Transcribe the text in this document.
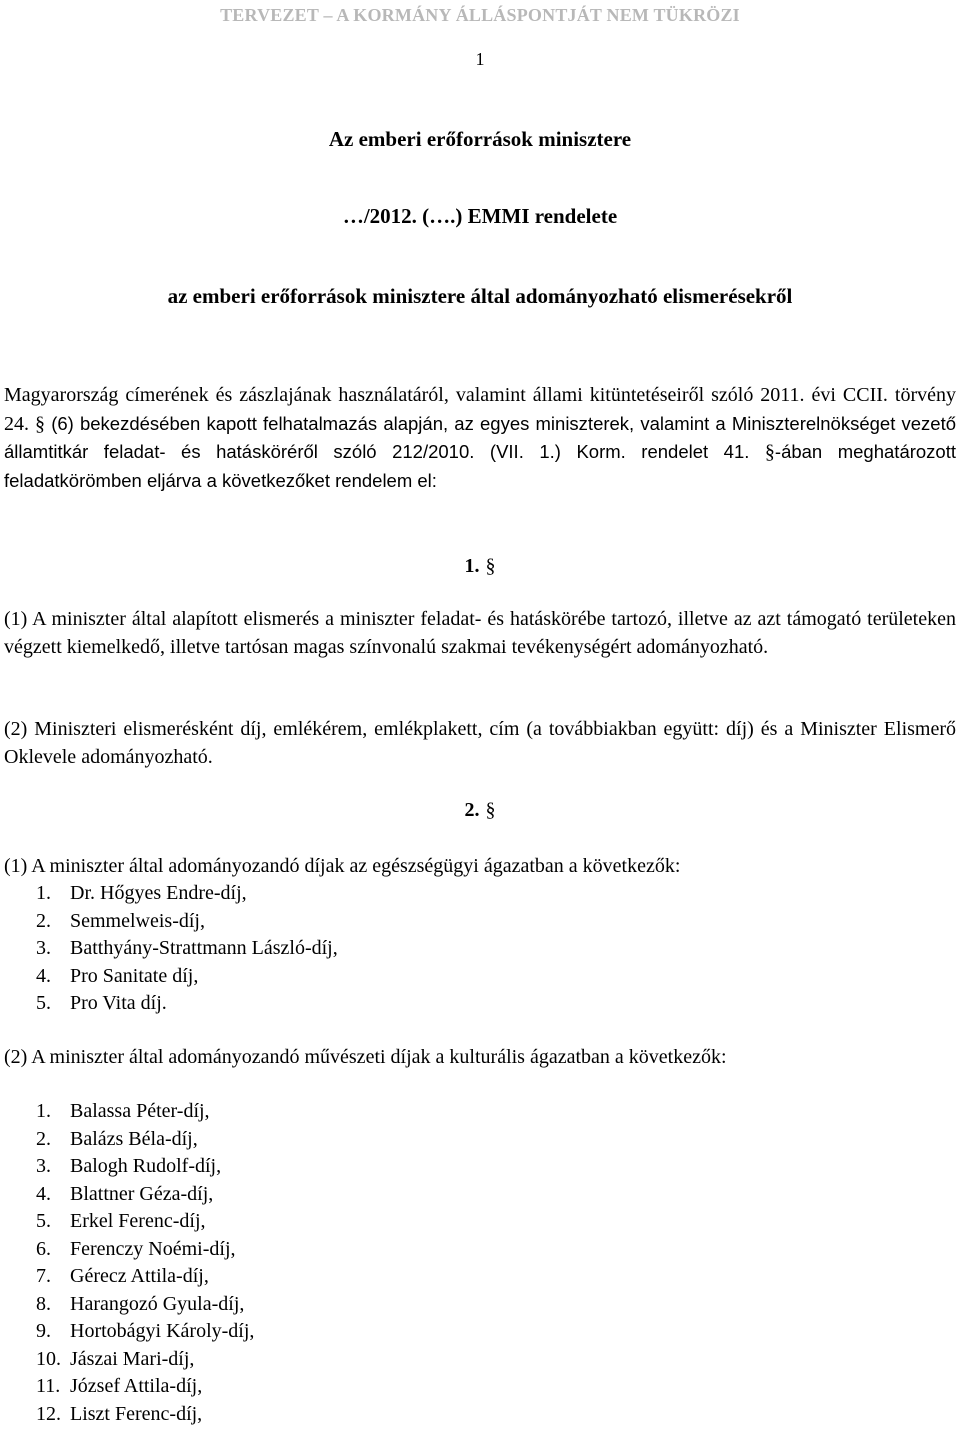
TERVEZET – A KORMÁNY ÁLLÁSPONTJÁT NEM TÜKRÖZI
1
Az emberi erőforrások minisztere
…/2012. (….) EMMI rendelete
az emberi erőforrások minisztere által adományozható elismerésekről

Magyarország címerének és zászlajának használatáról, valamint állami kitüntetéseiről szóló 2011. évi CCII. törvény 24. § (6) bekezdésében kapott felhatalmazás alapján, az egyes miniszterek, valamint a Miniszterelnökséget vezető államtitkár feladat- és hatásköréről szóló 212/2010. (VII. 1.) Korm. rendelet 41. §-ában meghatározott feladatkörömben eljárva a következőket rendelem el:

1. §

(1) A miniszter által alapított elismerés a miniszter feladat- és hatáskörébe tartozó, illetve az azt támogató területeken végzett kiemelkedő, illetve tartósan magas színvonalú szakmai tevékenységért adományozható.

(2) Miniszteri elismerésként díj, emlékérem, emlékplakett, cím (a továbbiakban együtt: díj) és a Miniszter Elismerő Oklevele adományozható.

2. §

(1) A miniszter által adományozandó díjak az egészségügyi ágazatban a következők:

1. Dr. Hőgyes Endre-díj,
2. Semmelweis-díj,
3. Batthyány-Strattmann László-díj,
4. Pro Sanitate díj,
5. Pro Vita díj.

(2) A miniszter által adományozandó művészeti díjak a kulturális ágazatban a következők:

1. Balassa Péter-díj,
2. Balázs Béla-díj,
3. Balogh Rudolf-díj,
4. Blattner Géza-díj,
5. Erkel Ferenc-díj,
6. Ferenczy Noémi-díj,
7. Gérecz Attila-díj,
8. Harangozó Gyula-díj,
9. Hortobágyi Károly-díj,
10. Jászai Mari-díj,
11. József Attila-díj,
12. Liszt Ferenc-díj,
